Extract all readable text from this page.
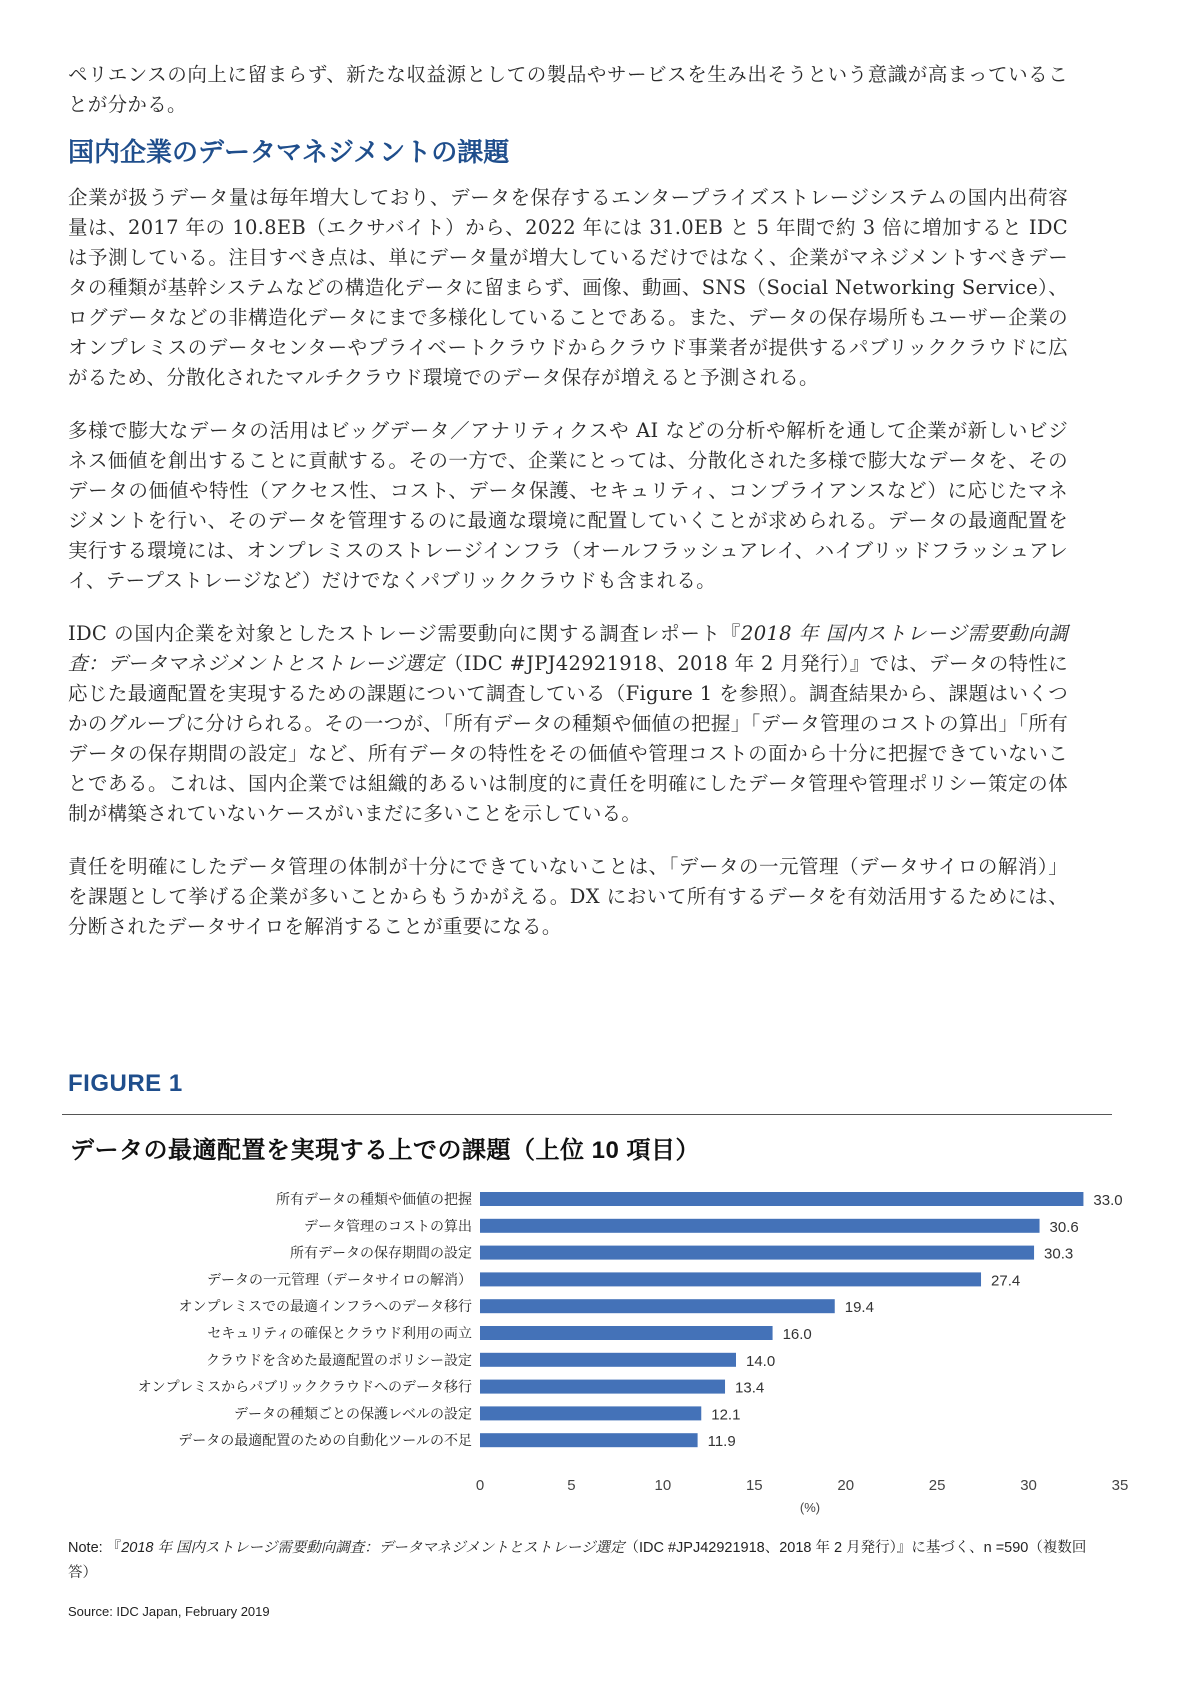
ペリエンスの向上に留まらず、新たな収益源としての製品やサービスを生み出そうという意識が高まっていることが分かる。

国内企業のデータマネジメントの課題

企業が扱うデータ量は毎年増大しており、データを保存するエンタープライズストレージシステムの国内出荷容量は、2017 年の 10.8EB（エクサバイト）から、2022 年には 31.0EB と 5 年間で約 3 倍に増加すると IDC は予測している。注目すべき点は、単にデータ量が増大しているだけではなく、企業がマネジメントすべきデータの種類が基幹システムなどの構造化データに留まらず、画像、動画、SNS（Social Networking Service）、ログデータなどの非構造化データにまで多様化していることである。また、データの保存場所もユーザー企業のオンプレミスのデータセンターやプライベートクラウドからクラウド事業者が提供するパブリッククラウドに広がるため、分散化されたマルチクラウド環境でのデータ保存が増えると予測される。

多様で膨大なデータの活用はビッグデータ／アナリティクスや AI などの分析や解析を通して企業が新しいビジネス価値を創出することに貢献する。その一方で、企業にとっては、分散化された多様で膨大なデータを、そのデータの価値や特性（アクセス性、コスト、データ保護、セキュリティ、コンプライアンスなど）に応じたマネジメントを行い、そのデータを管理するのに最適な環境に配置していくことが求められる。データの最適配置を実行する環境には、オンプレミスのストレージインフラ（オールフラッシュアレイ、ハイブリッドフラッシュアレイ、テープストレージなど）だけでなくパブリッククラウドも含まれる。

IDC の国内企業を対象としたストレージ需要動向に関する調査レポート『2018 年 国内ストレージ需要動向調査：データマネジメントとストレージ選定（IDC #JPJ42921918、2018 年 2 月発行）』では、データの特性に応じた最適配置を実現するための課題について調査している（Figure 1 を参照）。調査結果から、課題はいくつかのグループに分けられる。その一つが、「所有データの種類や価値の把握」「データ管理のコストの算出」「所有データの保存期間の設定」など、所有データの特性をその価値や管理コストの面から十分に把握できていないことである。これは、国内企業では組織的あるいは制度的に責任を明確にしたデータ管理や管理ポリシー策定の体制が構築されていないケースがいまだに多いことを示している。

責任を明確にしたデータ管理の体制が十分にできていないことは、「データの一元管理（データサイロの解消）」を課題として挙げる企業が多いことからもうかがえる。DX において所有するデータを有効活用するためには、分断されたデータサイロを解消することが重要になる。

FIGURE 1
データの最適配置を実現する上での課題（上位 10 項目）
所有データの種類や価値の把握	33.0
データ管理のコストの算出	30.6
所有データの保存期間の設定	30.3
データの一元管理（データサイロの解消）	27.4
オンプレミスでの最適インフラへのデータ移行	19.4
セキュリティの確保とクラウド利用の両立	16.0
クラウドを含めた最適配置のポリシー設定	14.0
オンプレミスからパブリッククラウドへのデータ移行	13.4
データの種類ごとの保護レベルの設定	12.1
データの最適配置のための自動化ツールの不足	11.9
0	5	10	15	20	25	30	35
(%)
Note: 『2018 年 国内ストレージ需要動向調査：データマネジメントとストレージ選定（IDC #JPJ42921918、2018 年 2 月発行）』に基づく、n =590（複数回答）
Source: IDC Japan, February 2019
